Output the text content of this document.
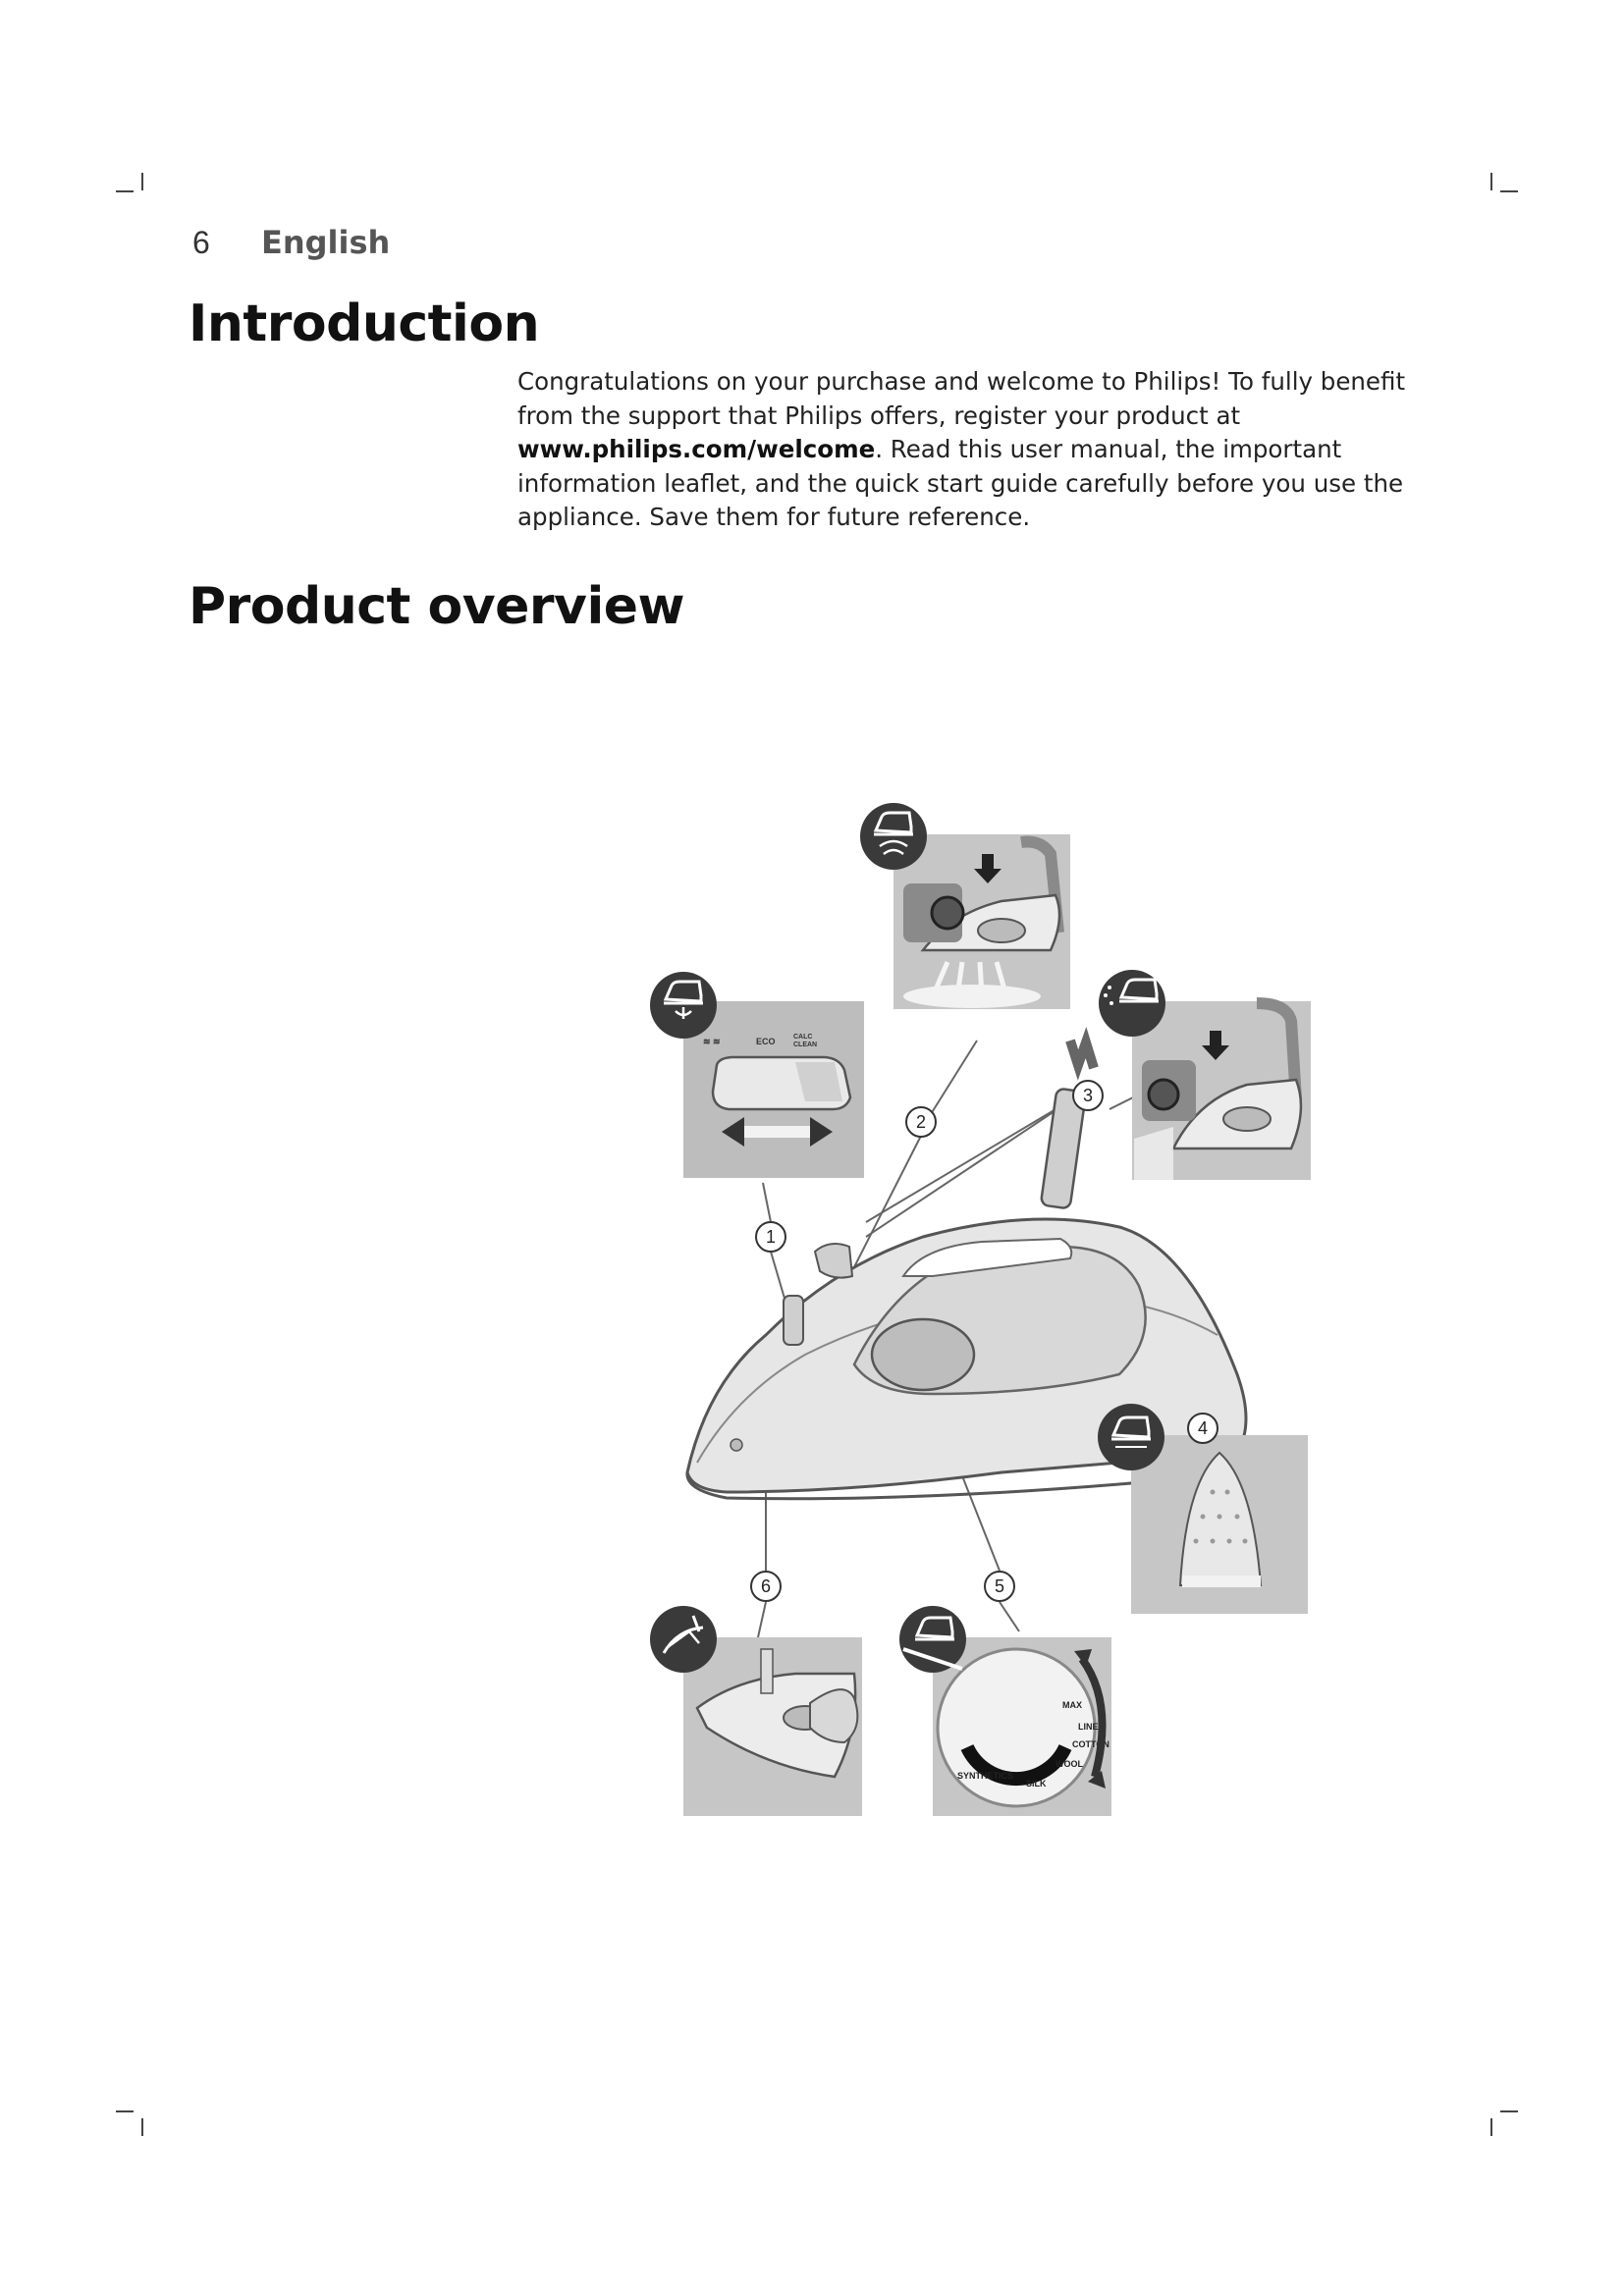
6 English
Introduction

Congratulations on your purchase and welcome to Philips! To fully benefit from the support that Philips offers, register your product at www.philips.com/welcome. Read this user manual, the important information leaflet, and the quick start guide carefully before you use the appliance. Save them for future reference.

Product overview
≋ ≋	ECO	CALC
CLEAN
SYNTHETICS
SILK
WOOL
COTTON
LINEN
MAX
1
2
3
4
5
6
